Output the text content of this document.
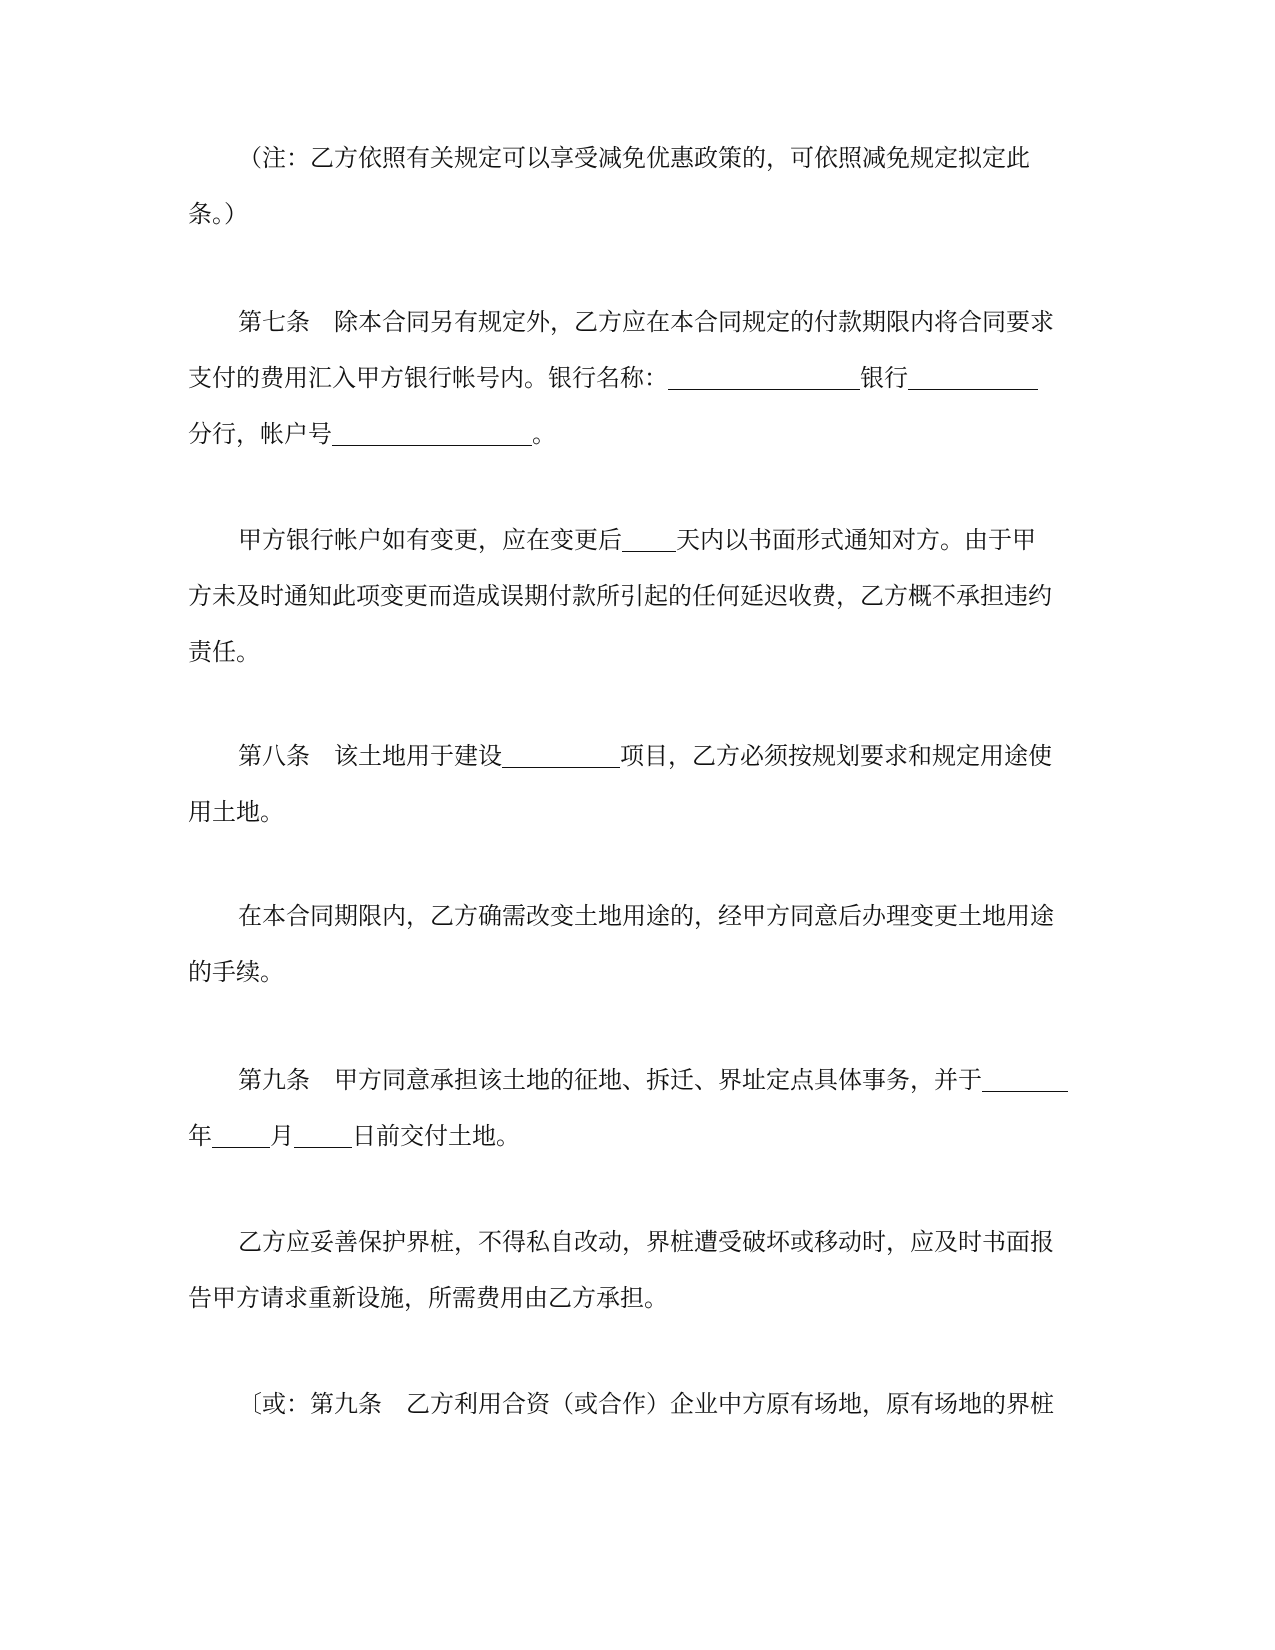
（注：乙方依照有关规定可以享受减免优惠政策的，可依照减免规定拟定此
条。）
第七条 除本合同另有规定外，乙方应在本合同规定的付款期限内将合同要求
支付的费用汇入甲方银行帐号内。银行名称：	银行
分行，帐户号	。
甲方银行帐户如有变更，应在变更后 天内以书面形式通知对方。由于甲
方未及时通知此项变更而造成误期付款所引起的任何延迟收费，乙方概不承担违约
责任。
第八条 该土地用于建设	项目，乙方必须按规划要求和规定用途使
用土地。
在本合同期限内，乙方确需改变土地用途的，经甲方同意后办理变更土地用途
的手续。
第九条 甲方同意承担该土地的征地、拆迁、界址定点具体事务，并于
年 月 日前交付土地。
乙方应妥善保护界桩，不得私自改动，界桩遭受破坏或移动时，应及时书面报
告甲方请求重新设施，所需费用由乙方承担。
〔或：第九条 乙方利用合资（或合作）企业中方原有场地，原有场地的界桩
